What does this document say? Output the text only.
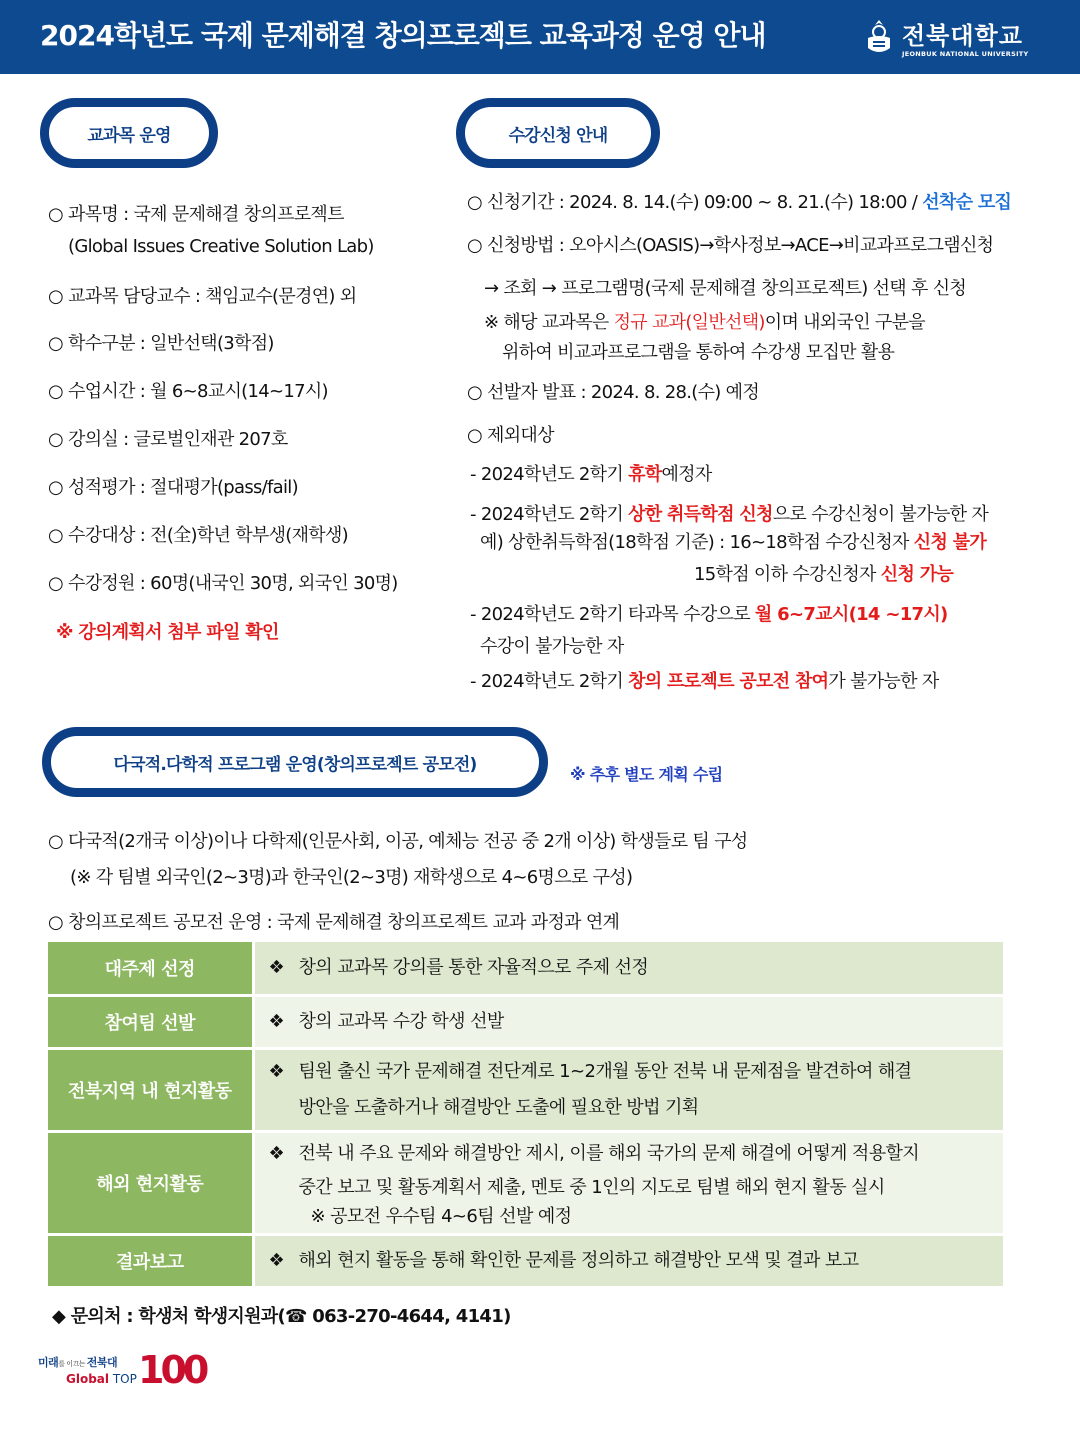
2024학년도 국제 문제해결 창의프로젝트 교육과정 운영 안내	전북대학교
JEONBUK NATIONAL UNIVERSITY
교과목 운영
○ 과목명 : 국제 문제해결 창의프로젝트
(Global Issues Creative Solution Lab)
○ 교과목 담당교수 : 책임교수(문경연) 외
○ 학수구분 : 일반선택(3학점)
○ 수업시간 : 월 6~8교시(14~17시)
○ 강의실 : 글로벌인재관 207호
○ 성적평가 : 절대평가(pass/fail)
○ 수강대상 : 전(全)학년 학부생(재학생)
○ 수강정원 : 60명(내국인 30명, 외국인 30명)
※ 강의계획서 첨부 파일 확인
수강신청 안내
○ 신청기간 : 2024. 8. 14.(수) 09:00 ~ 8. 21.(수) 18:00 / 선착순 모집
○ 신청방법 : 오아시스(OASIS)→학사정보→ACE→비교과프로그램신청
→ 조회 → 프로그램명(국제 문제해결 창의프로젝트) 선택 후 신청
※ 해당 교과목은 정규 교과(일반선택)이며 내외국인 구분을
위하여 비교과프로그램을 통하여 수강생 모집만 활용
○ 선발자 발표 : 2024. 8. 28.(수) 예정
○ 제외대상
- 2024학년도 2학기 휴학예정자
- 2024학년도 2학기 상한 취득학점 신청으로 수강신청이 불가능한 자
예) 상한취득학점(18학점 기준) : 16~18학점 수강신청자 신청 불가
15학점 이하 수강신청자 신청 가능
- 2024학년도 2학기 타과목 수강으로 월 6~7교시(14 ~17시)
수강이 불가능한 자
- 2024학년도 2학기 창의 프로젝트 공모전 참여가 불가능한 자
다국적.다학적 프로그램 운영(창의프로젝트 공모전)	※ 추후 별도 계획 수립
○ 다국적(2개국 이상)이나 다학제(인문사회, 이공, 예체능 전공 중 2개 이상) 학생들로 팀 구성
(※ 각 팀별 외국인(2~3명)과 한국인(2~3명) 재학생으로 4~6명으로 구성)
○ 창의프로젝트 공모전 운영 : 국제 문제해결 창의프로젝트 교과 과정과 연계
대주제 선정	❖ 창의 교과목 강의를 통한 자율적으로 주제 선정
참여팀 선발	❖ 창의 교과목 수강 학생 선발
전북지역 내 현지활동	❖ 팀원 출신 국가 문제해결 전단계로 1~2개월 동안 전북 내 문제점을 발견하여 해결
방안을 도출하거나 해결방안 도출에 필요한 방법 기획

해외 현지활동	❖ 전북 내 주요 문제와 해결방안 제시, 이를 해외 국가의 문제 해결에 어떻게 적용할지
중간 보고 및 활동계획서 제출, 멘토 중 1인의 지도로 팀별 해외 현지 활동 실시
※ 공모전 우수팀 4~6팀 선발 예정

결과보고	❖ 해외 현지 활동을 통해 확인한 문제를 정의하고 해결방안 모색 및 결과 보고
◆ 문의처 : 학생처 학생지원과(☎ 063-270-4644, 4141)
미래를 이끄는 전북대
Global TOP 100
